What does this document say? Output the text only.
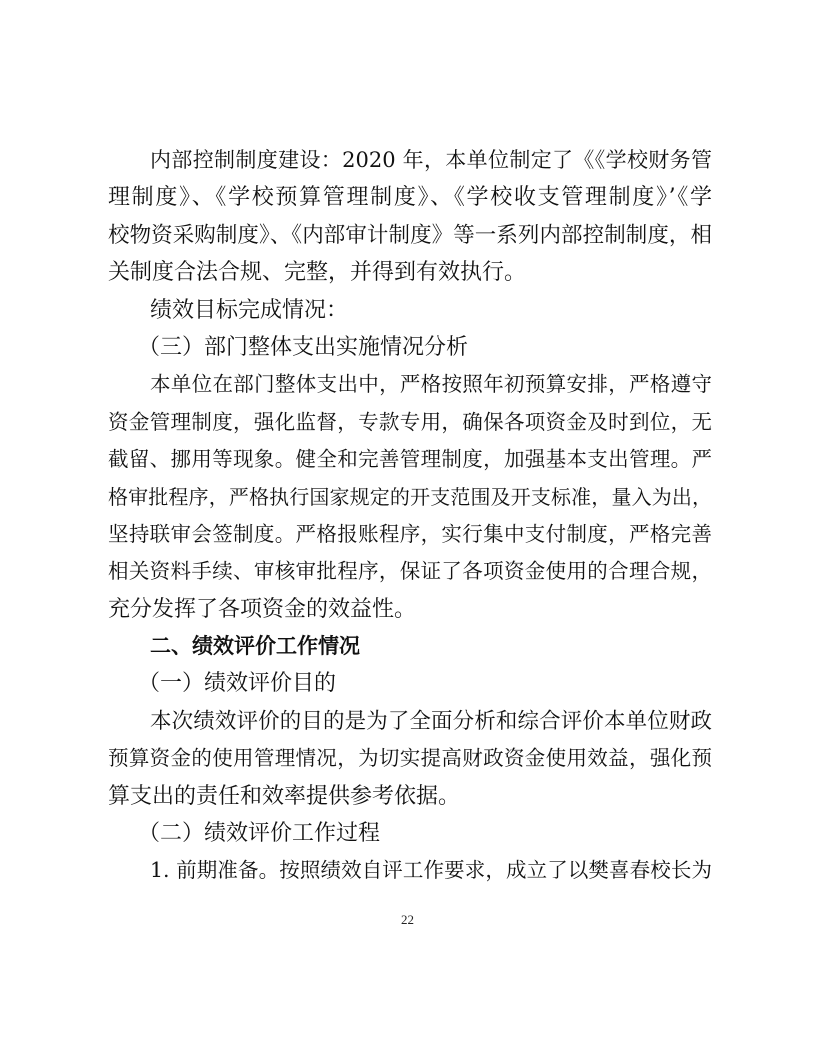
内部控制制度建设：2020 年，本单位制定了《《学校财务管
理制度》、《学校预算管理制度》、《学校收支管理制度》’《学
校物资采购制度》、《内部审计制度》等一系列内部控制制度，相
关制度合法合规、完整，并得到有效执行。
绩效目标完成情况：
（三）部门整体支出实施情况分析
本单位在部门整体支出中，严格按照年初预算安排，严格遵守
资金管理制度，强化监督，专款专用，确保各项资金及时到位，无
截留、挪用等现象。健全和完善管理制度，加强基本支出管理。严
格审批程序，严格执行国家规定的开支范围及开支标准，量入为出，
坚持联审会签制度。严格报账程序，实行集中支付制度，严格完善
相关资料手续、审核审批程序，保证了各项资金使用的合理合规，
充分发挥了各项资金的效益性。
二、绩效评价工作情况
（一）绩效评价目的
本次绩效评价的目的是为了全面分析和综合评价本单位财政
预算资金的使用管理情况，为切实提高财政资金使用效益，强化预
算支出的责任和效率提供参考依据。
（二）绩效评价工作过程
1. 前期准备。按照绩效自评工作要求，成立了以樊喜春校长为
22
